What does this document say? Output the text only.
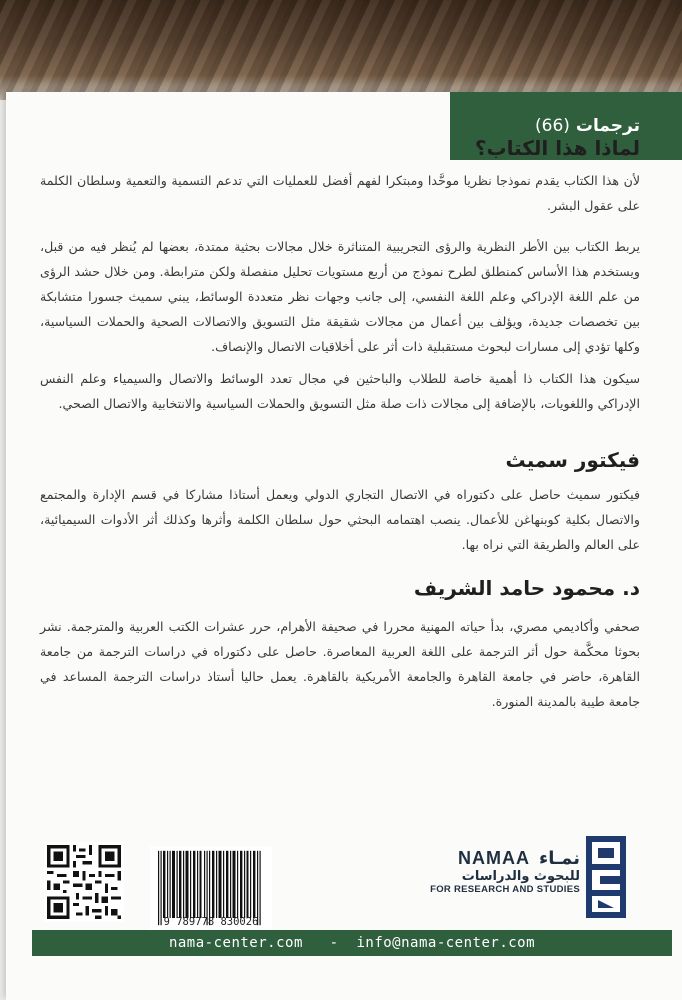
ترجمات
(66)
لماذا هذا الكتاب؟

لأن هذا الكتاب يقدم نموذجا نظريا موحَّدا ومبتكرا لفهم أفضل للعمليات التي تدعم التسمية والتعمية وسلطان الكلمة على عقول البشر.

يربط الكتاب بين الأطر النظرية والرؤى التجريبية المتناثرة خلال مجالات بحثية ممتدة، بعضها لم يُنظر فيه من قبل، ويستخدم هذا الأساس كمنطلق لطرح نموذج من أربع مستويات تحليل منفصلة ولكن مترابطة. ومن خلال حشد الرؤى من علم اللغة الإدراكي وعلم اللغة النفسي، إلى جانب وجهات نظر متعددة الوسائط، يبني سميث جسورا متشابكة بين تخصصات جديدة، ويؤلف بين أعمال من مجالات شقيقة مثل التسويق والاتصالات الصحية والحملات السياسية، وكلها تؤدي إلى مسارات لبحوث مستقبلية ذات أثر على أخلاقيات الاتصال والإنصاف.

سيكون هذا الكتاب ذا أهمية خاصة للطلاب والباحثين في مجال تعدد الوسائط والاتصال والسيمياء وعلم النفس الإدراكي واللغويات، بالإضافة إلى مجالات ذات صلة مثل التسويق والحملات السياسية والانتخابية والاتصال الصحي.

فيكتور سميث

فيكتور سميث حاصل على دكتوراه في الاتصال التجاري الدولي ويعمل أستاذا مشاركا في قسم الإدارة والمجتمع والاتصال بكلية كوبنهاغن للأعمال. ينصب اهتمامه البحثي حول سلطان الكلمة وأثرها وكذلك أثر الأدوات السيميائية، على العالم والطريقة التي نراه بها.

د. محمود حامد الشريف

صحفي وأكاديمي مصري، بدأ حياته المهنية محررا في صحيفة الأهرام، حرر عشرات الكتب العربية والمترجمة. نشر بحوثا محكَّمة حول أثر الترجمة على اللغة العربية المعاصرة. حاصل على دكتوراه في دراسات الترجمة من جامعة القاهرة، حاضر في جامعة القاهرة والجامعة الأمريكية بالقاهرة. يعمل حاليا أستاذ دراسات الترجمة المساعد في جامعة طيبة بالمدينة المنورة.

9 789778 830026
NAMAA نمـاء
للبحوث والدراسات
FOR RESEARCH AND STUDIES
nama-center.com   -  info@nama-center.com
